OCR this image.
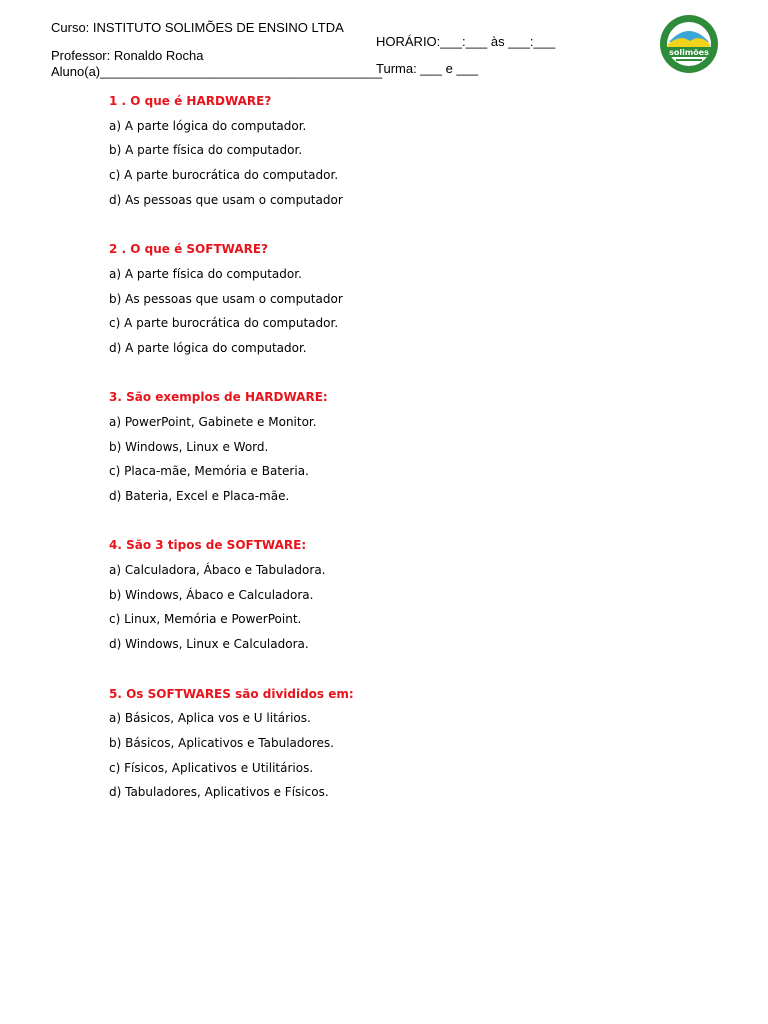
Curso: INSTITUTO SOLIMÕES DE ENSINO LTDA
Professor: Ronaldo Rocha
Aluno(a)_______________________________________
HORÁRIO:___:___ às ___:___
Turma: ___ e ___
solimões
1 . O que é HARDWARE?
a) A parte lógica do computador.
b) A parte física do computador.
c) A parte burocrática do computador.
d) As pessoas que usam o computador
2 . O que é SOFTWARE?
a) A parte física do computador.
b) As pessoas que usam o computador
c) A parte burocrática do computador.
d) A parte lógica do computador.
3. São exemplos de HARDWARE:
a) PowerPoint, Gabinete e Monitor.
b) Windows, Linux e Word.
c) Placa-mãe, Memória e Bateria.
d) Bateria, Excel e Placa-mãe.
4. São 3 tipos de SOFTWARE:
a) Calculadora, Ábaco e Tabuladora.
b) Windows, Ábaco e Calculadora.
c) Linux, Memória e PowerPoint.
d) Windows, Linux e Calculadora.
5. Os SOFTWARES são divididos em:
a) Básicos, Aplica vos e U litários.
b) Básicos, Aplicativos e Tabuladores.
c) Físicos, Aplicativos e Utilitários.
d) Tabuladores, Aplicativos e Físicos.
